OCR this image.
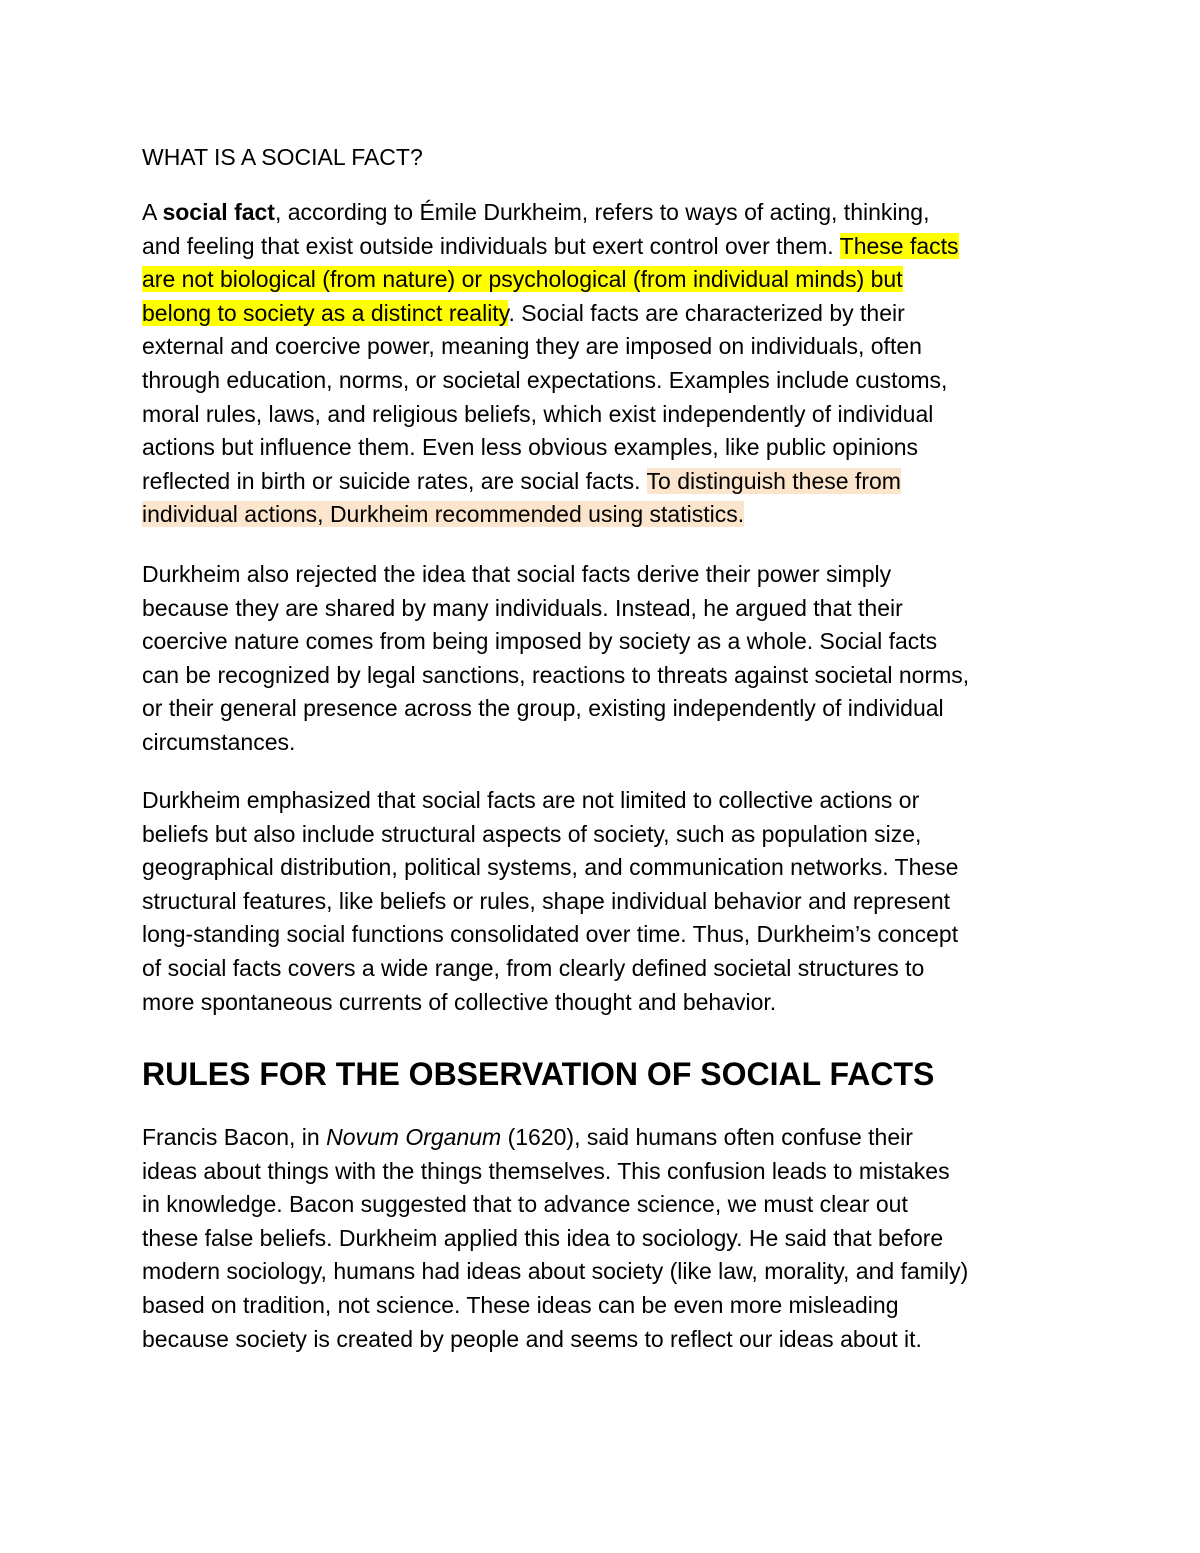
WHAT IS A SOCIAL FACT?

A social fact, according to Émile Durkheim, refers to ways of acting, thinking,
and feeling that exist outside individuals but exert control over them. These facts
are not biological (from nature) or psychological (from individual minds) but
belong to society as a distinct reality. Social facts are characterized by their
external and coercive power, meaning they are imposed on individuals, often
through education, norms, or societal expectations. Examples include customs,
moral rules, laws, and religious beliefs, which exist independently of individual
actions but influence them. Even less obvious examples, like public opinions
reflected in birth or suicide rates, are social facts. To distinguish these from
individual actions, Durkheim recommended using statistics.

Durkheim also rejected the idea that social facts derive their power simply
because they are shared by many individuals. Instead, he argued that their
coercive nature comes from being imposed by society as a whole. Social facts
can be recognized by legal sanctions, reactions to threats against societal norms,
or their general presence across the group, existing independently of individual
circumstances.

Durkheim emphasized that social facts are not limited to collective actions or
beliefs but also include structural aspects of society, such as population size,
geographical distribution, political systems, and communication networks. These
structural features, like beliefs or rules, shape individual behavior and represent
long-standing social functions consolidated over time. Thus, Durkheim’s concept
of social facts covers a wide range, from clearly defined societal structures to
more spontaneous currents of collective thought and behavior.

RULES FOR THE OBSERVATION OF SOCIAL FACTS

Francis Bacon, in Novum Organum (1620), said humans often confuse their
ideas about things with the things themselves. This confusion leads to mistakes
in knowledge. Bacon suggested that to advance science, we must clear out
these false beliefs. Durkheim applied this idea to sociology. He said that before
modern sociology, humans had ideas about society (like law, morality, and family)
based on tradition, not science. These ideas can be even more misleading
because society is created by people and seems to reflect our ideas about it.
